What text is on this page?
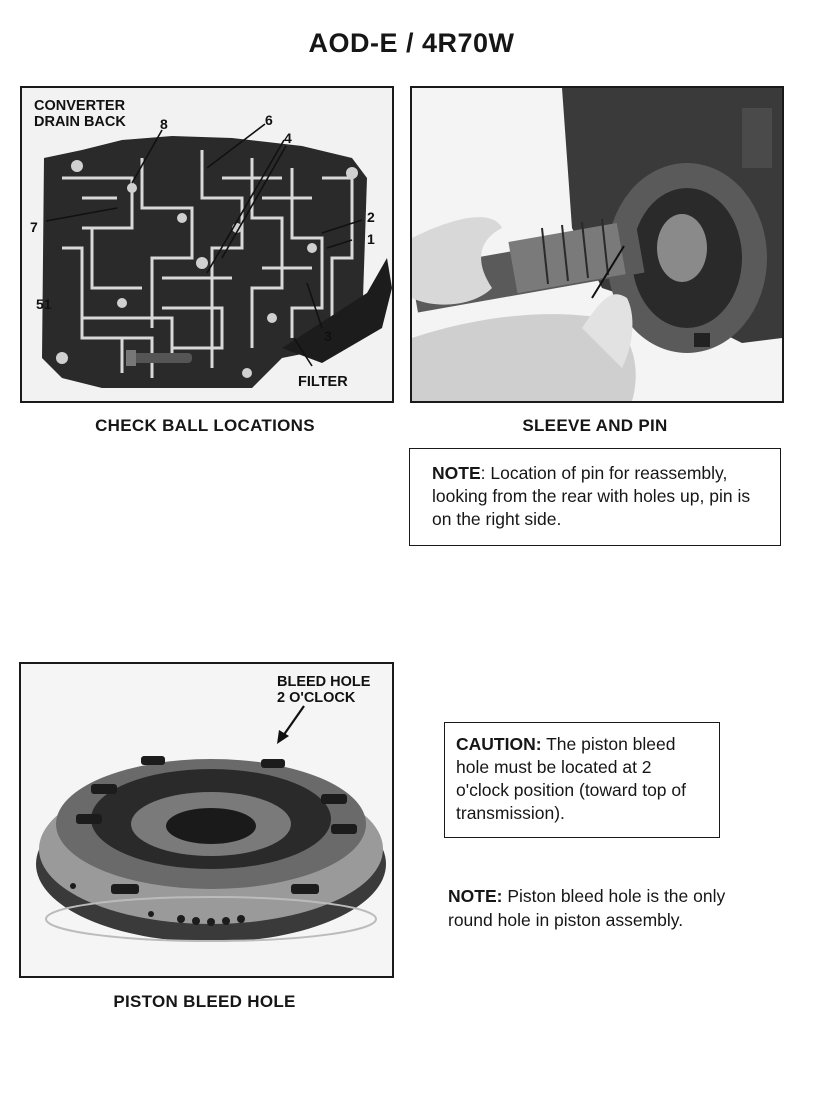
AOD-E / 4R70W
CONVERTER
DRAIN BACK 8	6
4
7
2
1
51
3
FILTER
CHECK BALL LOCATIONS	SLEEVE AND PIN
NOTE: Location of pin for reassembly, looking from the rear with holes up, pin is on the right side.
BLEED HOLE
2 O'CLOCK
PISTON BLEED HOLE
CAUTION: The piston bleed hole must be located at 2 o'clock position (toward top of transmission).
NOTE: Piston bleed hole is the only round hole in piston assembly.
